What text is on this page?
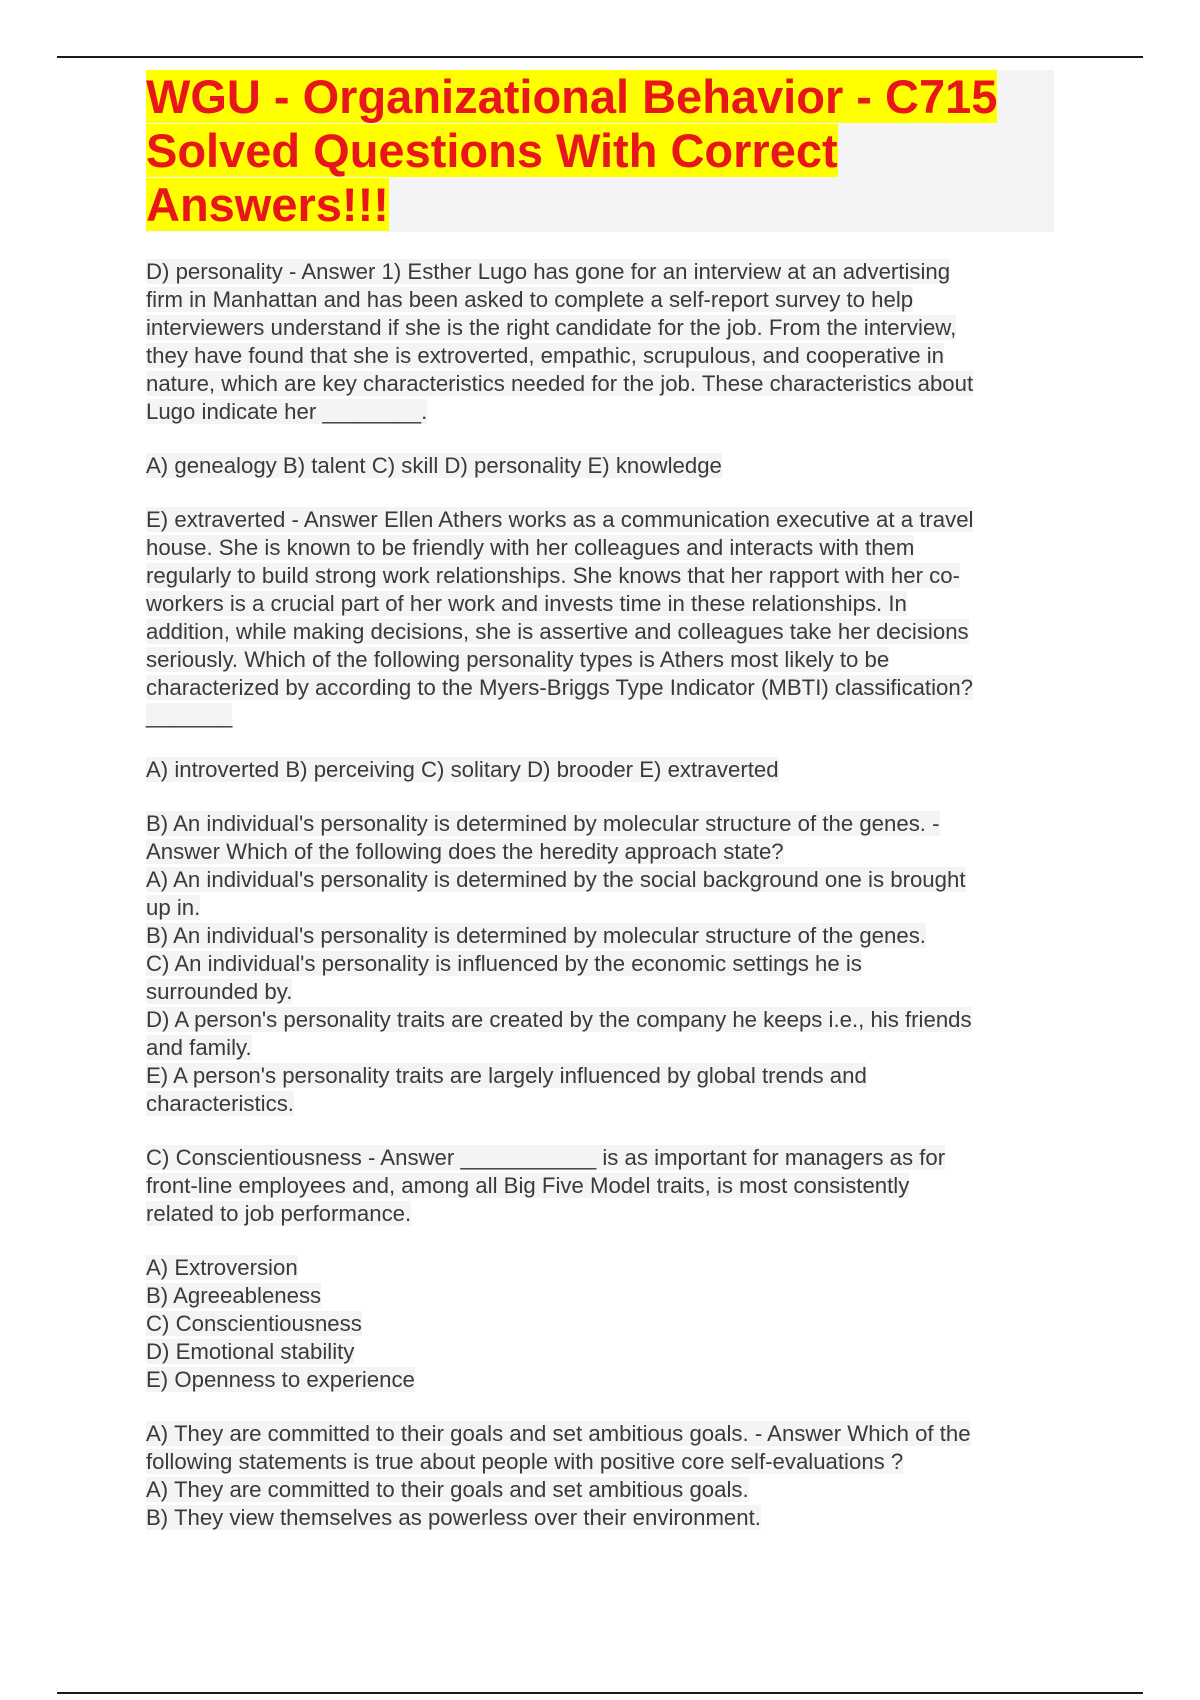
WGU - Organizational Behavior - C715
Solved Questions With Correct
Answers!!!
D) personality - Answer 1) Esther Lugo has gone for an interview at an advertising
firm in Manhattan and has been asked to complete a self-report survey to help
interviewers understand if she is the right candidate for the job. From the interview,
they have found that she is extroverted, empathic, scrupulous, and cooperative in
nature, which are key characteristics needed for the job. These characteristics about
Lugo indicate her ________.
A) genealogy B) talent C) skill D) personality E) knowledge
E) extraverted - Answer Ellen Athers works as a communication executive at a travel
house. She is known to be friendly with her colleagues and interacts with them
regularly to build strong work relationships. She knows that her rapport with her co-
workers is a crucial part of her work and invests time in these relationships. In
addition, while making decisions, she is assertive and colleagues take her decisions
seriously. Which of the following personality types is Athers most likely to be
characterized by according to the Myers-Briggs Type Indicator (MBTI) classification?
_______
A) introverted B) perceiving C) solitary D) brooder E) extraverted
B) An individual's personality is determined by molecular structure of the genes. -
Answer Which of the following does the heredity approach state?
A) An individual's personality is determined by the social background one is brought
up in.
B) An individual's personality is determined by molecular structure of the genes.
C) An individual's personality is influenced by the economic settings he is
surrounded by.
D) A person's personality traits are created by the company he keeps i.e., his friends
and family.
E) A person's personality traits are largely influenced by global trends and
characteristics.
C) Conscientiousness - Answer ___________ is as important for managers as for
front-line employees and, among all Big Five Model traits, is most consistently
related to job performance.
A) Extroversion
B) Agreeableness
C) Conscientiousness
D) Emotional stability
E) Openness to experience
A) They are committed to their goals and set ambitious goals. - Answer Which of the
following statements is true about people with positive core self-evaluations ?
A) They are committed to their goals and set ambitious goals.
B) They view themselves as powerless over their environment.
